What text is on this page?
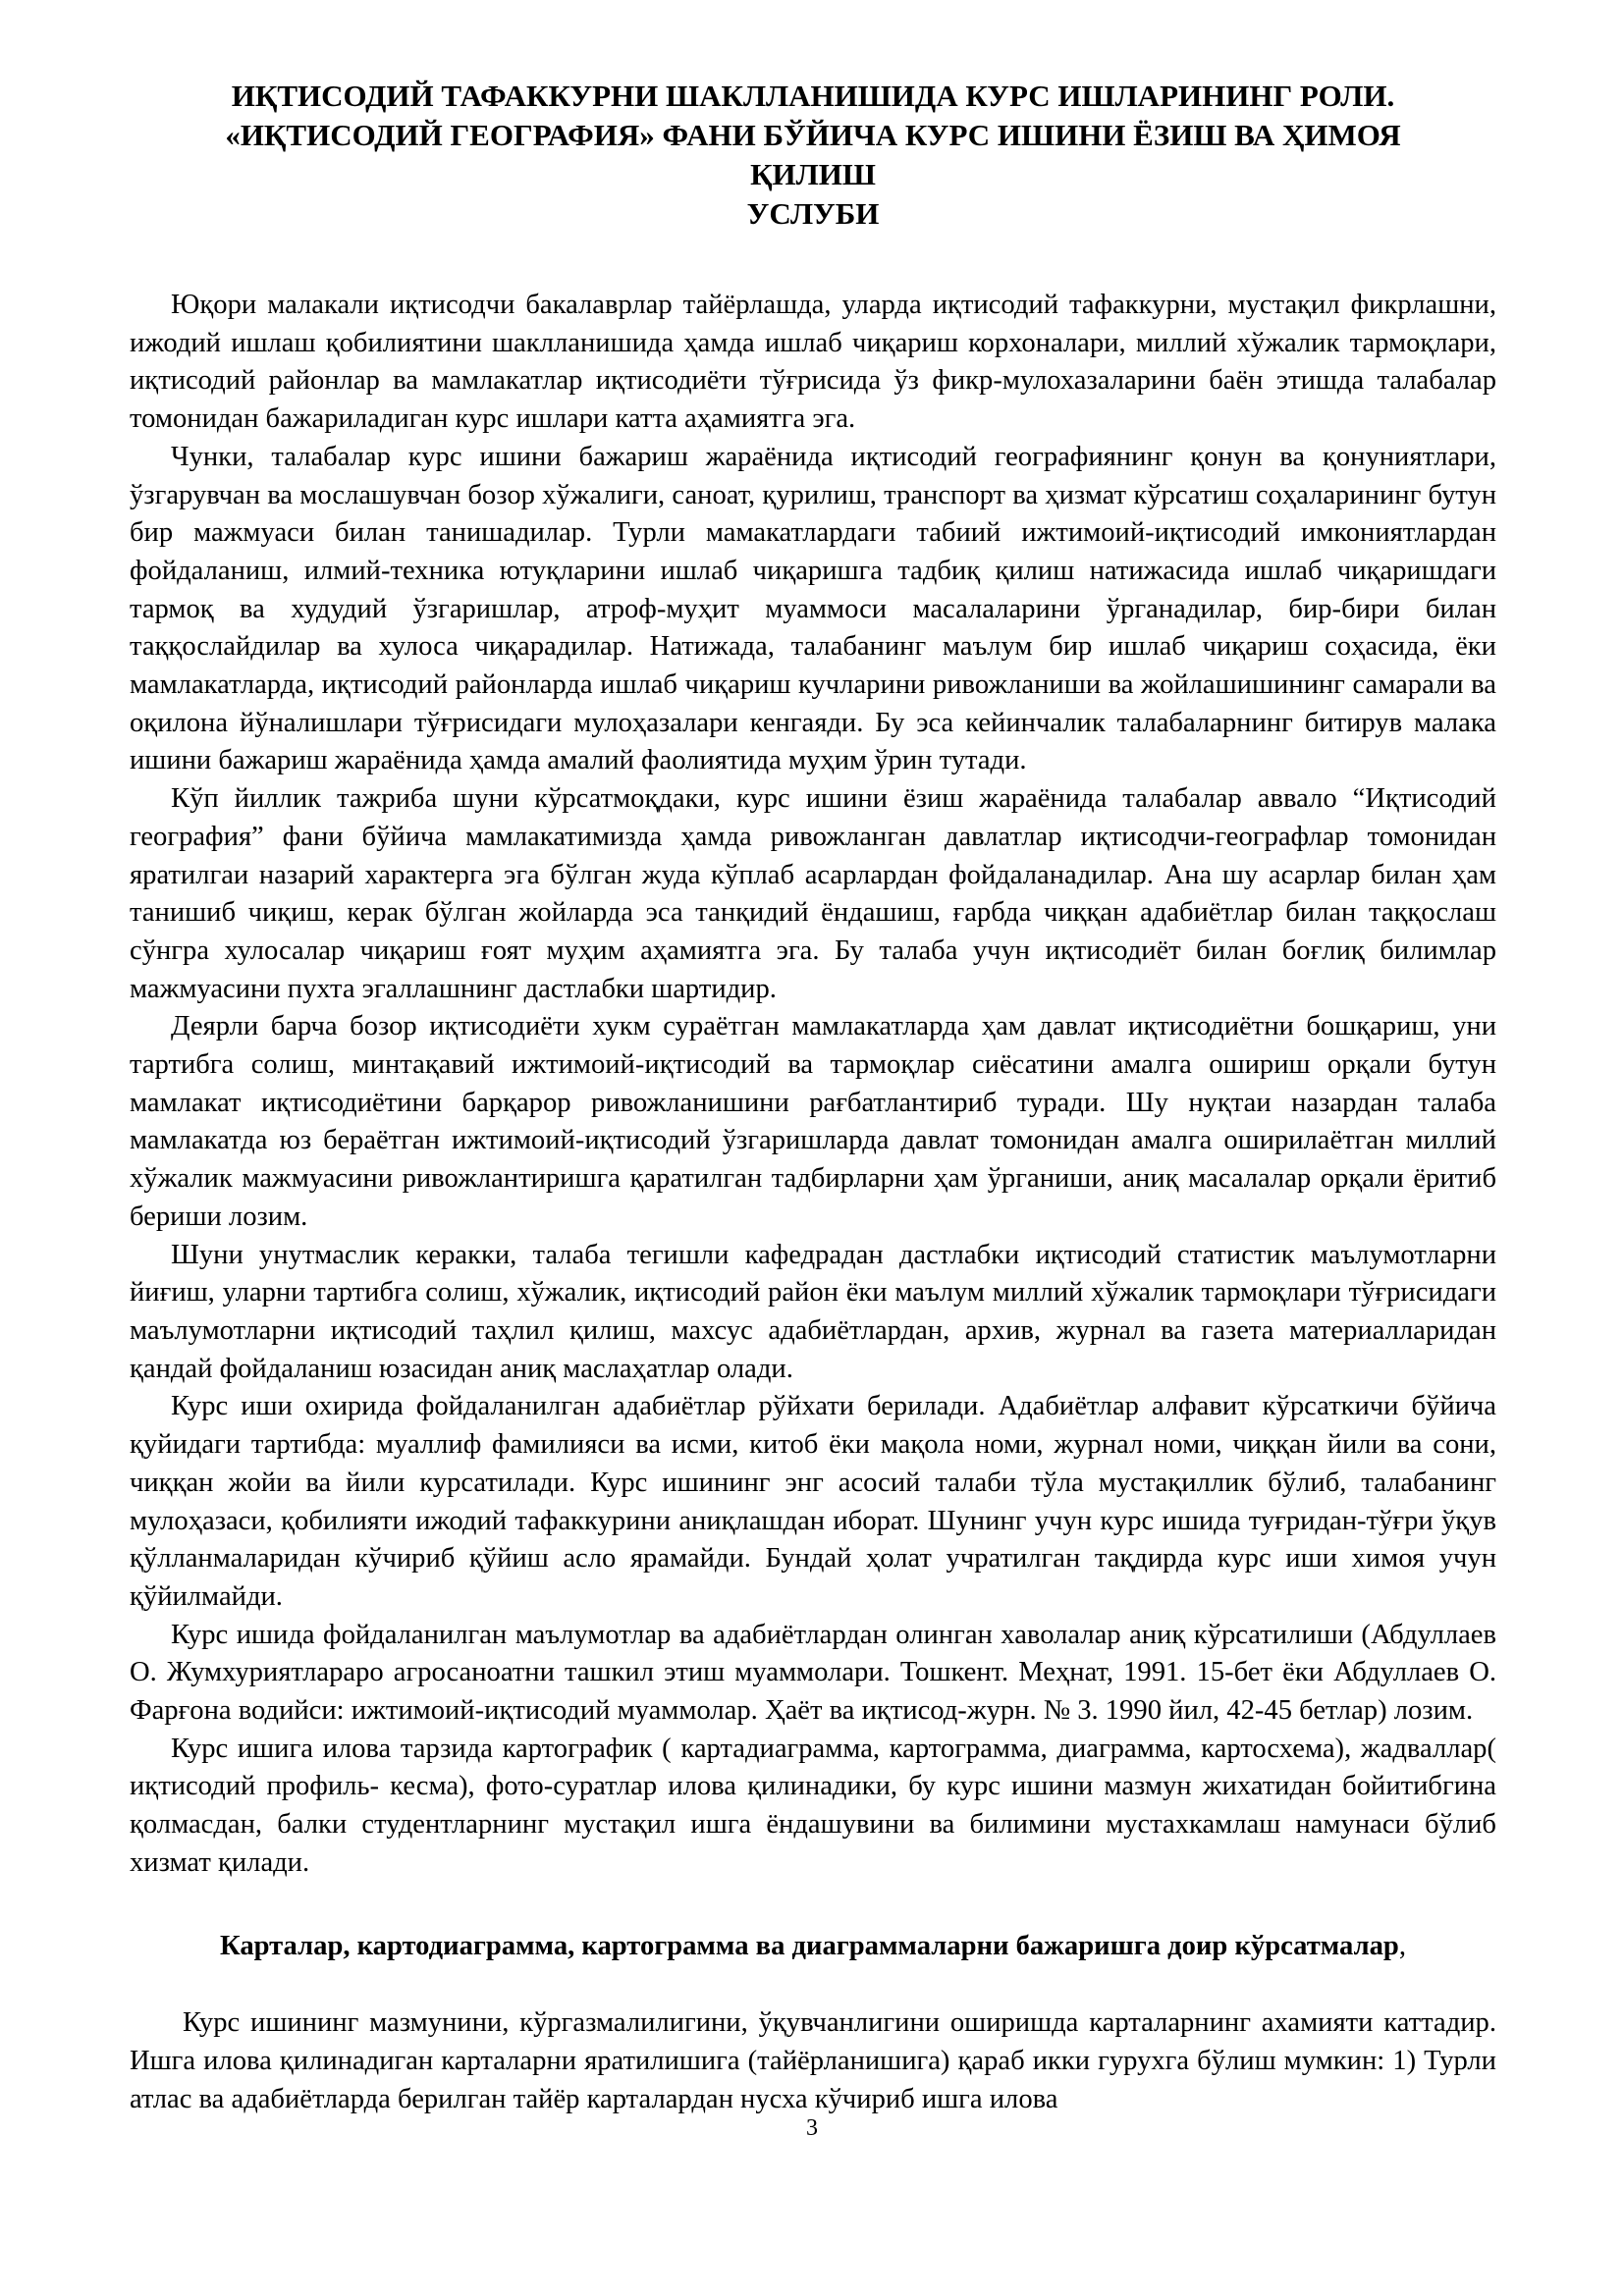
ИҚТИСОДИЙ ТАФАККУРНИ ШАКЛЛАНИШИДА КУРС ИШЛАРИНИНГ РОЛИ.
«ИҚТИСОДИЙ ГЕОГРАФИЯ» ФАНИ БЎЙИЧА КУРС ИШИНИ ЁЗИШ ВА ҲИМОЯ ҚИЛИШ
УСЛУБИ

Юқори малакали иқтисодчи бакалаврлар тайёрлашда, уларда иқтисодий тафаккурни, мустақил фикрлашни, ижодий ишлаш қобилиятини шаклланишида ҳамда ишлаб чиқариш корхоналари, миллий хўжалик тармоқлари, иқтисодий районлар ва мамлакатлар иқтисодиёти тўғрисида ўз фикр-мулохазаларини баён этишда талабалар томонидан бажариладиган курс ишлари катта аҳамиятга эга.

Чунки, талабалар курс ишини бажариш жараёнида иқтисодий географиянинг қонун ва қонуниятлари, ўзгарувчан ва мослашувчан бозор хўжалиги, саноат, қурилиш, транспорт ва ҳизмат кўрсатиш соҳаларининг бутун бир мажмуаси билан танишадилар. Турли мамакатлардаги табиий ижтимоий-иқтисодий имкониятлардан фойдаланиш, илмий-техника ютуқларини ишлаб чиқаришга тадбиқ қилиш натижасида ишлаб чиқаришдаги тармоқ ва худудий ўзгаришлар, атроф-муҳит муаммоси масалаларини ўрганадилар, бир-бири билан таққослайдилар ва хулоса чиқарадилар. Натижада, талабанинг маълум бир ишлаб чиқариш соҳасида, ёки мамлакатларда, иқтисодий районларда ишлаб чиқариш кучларини ривожланиши ва жойлашишининг самарали ва оқилона йўналишлари тўғрисидаги мулоҳазалари кенгаяди. Бу эса кейинчалик талабаларнинг битирув малака ишини бажариш жараёнида ҳамда амалий фаолиятида муҳим ўрин тутади.

Кўп йиллик тажриба шуни кўрсатмоқдаки, курс ишини ёзиш жараёнида талабалар аввало “Иқтисодий география” фани бўйича мамлакатимизда ҳамда ривожланган давлатлар иқтисодчи-географлар томонидан яратилгаи назарий характерга эга бўлган жуда кўплаб асарлардан фойдаланадилар. Ана шу асарлар билан ҳам танишиб чиқиш, керак бўлган жойларда эса танқидий ёндашиш, ғарбда чиққан адабиётлар билан таққослаш сўнгра хулосалар чиқариш ғоят муҳим аҳамиятга эга. Бу талаба учун иқтисодиёт билан боғлиқ билимлар мажмуасини пухта эгаллашнинг дастлабки шартидир.

Деярли барча бозор иқтисодиёти хукм сураётган мамлакатларда ҳам давлат иқтисодиётни бошқариш, уни тартибга солиш, минтақавий ижтимоий-иқтисодий ва тармоқлар сиёсатини амалга ошириш орқали бутун мамлакат иқтисодиётини барқарор ривожланишини рағбатлантириб туради. Шу нуқтаи назардан талаба мамлакатда юз бераётган ижтимоий-иқтисодий ўзгаришларда давлат томонидан амалга оширилаётган миллий хўжалик мажмуасини ривожлантиришга қаратилган тадбирларни ҳам ўрганиши, аниқ масалалар орқали ёритиб бериши лозим.

Шуни унутмаслик керакки, талаба тегишли кафедрадан дастлабки иқтисодий статистик маълумотларни йиғиш, уларни тартибга солиш, хўжалик, иқтисодий район ёки маълум миллий хўжалик тармоқлари тўғрисидаги маълумотларни иқтисодий таҳлил қилиш, махсус адабиётлардан, архив, журнал ва газета материалларидан қандай фойдаланиш юзасидан аниқ маслаҳатлар олади.

Курс иши охирида фойдаланилган адабиётлар рўйхати берилади. Адабиётлар алфавит кўрсаткичи бўйича қуйидаги тартибда: муаллиф фамилияси ва исми, китоб ёки мақола номи, журнал номи, чиққан йили ва сони, чиққан жойи ва йили курсатилади. Курс ишининг энг асосий талаби тўла мустақиллик бўлиб, талабанинг мулоҳазаси, қобилияти ижодий тафаккурини аниқлашдан иборат. Шунинг учун курс ишида туғридан-тўғри ўқув қўлланмаларидан кўчириб қўйиш асло ярамайди. Бундай ҳолат учратилган тақдирда курс иши химоя учун қўйилмайди.

Курс ишида фойдаланилган маълумотлар ва адабиётлардан олинган хаволалар аниқ кўрсатилиши (Абдуллаев О. Жумхуриятлараро агросаноатни ташкил этиш муаммолари. Тошкент. Меҳнат, 1991. 15-бет ёки Абдуллаев О. Фарғона водийси: ижтимоий-иқтисодий муаммолар. Ҳаёт ва иқтисод-журн. № 3. 1990 йил, 42-45 бетлар) лозим.

Курс ишига илова тарзида картографик ( картадиаграмма, картограмма, диаграмма, картосхема), жадваллар( иқтисодий профиль- кесма), фото-суратлар илова қилинадики, бу курс ишини мазмун жихатидан бойитибгина қолмасдан, балки студентларнинг мустақил ишга ёндашувини ва билимини мустахкамлаш намунаси бўлиб хизмат қилади.

Карталар, картодиаграмма, картограмма ва диаграммаларни бажаришга доир кўрсатмалар,

Курс ишининг мазмунини, кўргазмалилигини, ўқувчанлигини оширишда карталарнинг ахамияти каттадир. Ишга илова қилинадиган карталарни яратилишига (тайёрланишига) қараб икки гурухга бўлиш мумкин: 1) Турли атлас ва адабиётларда берилган тайёр карталардан нусха кўчириб ишга илова

3
